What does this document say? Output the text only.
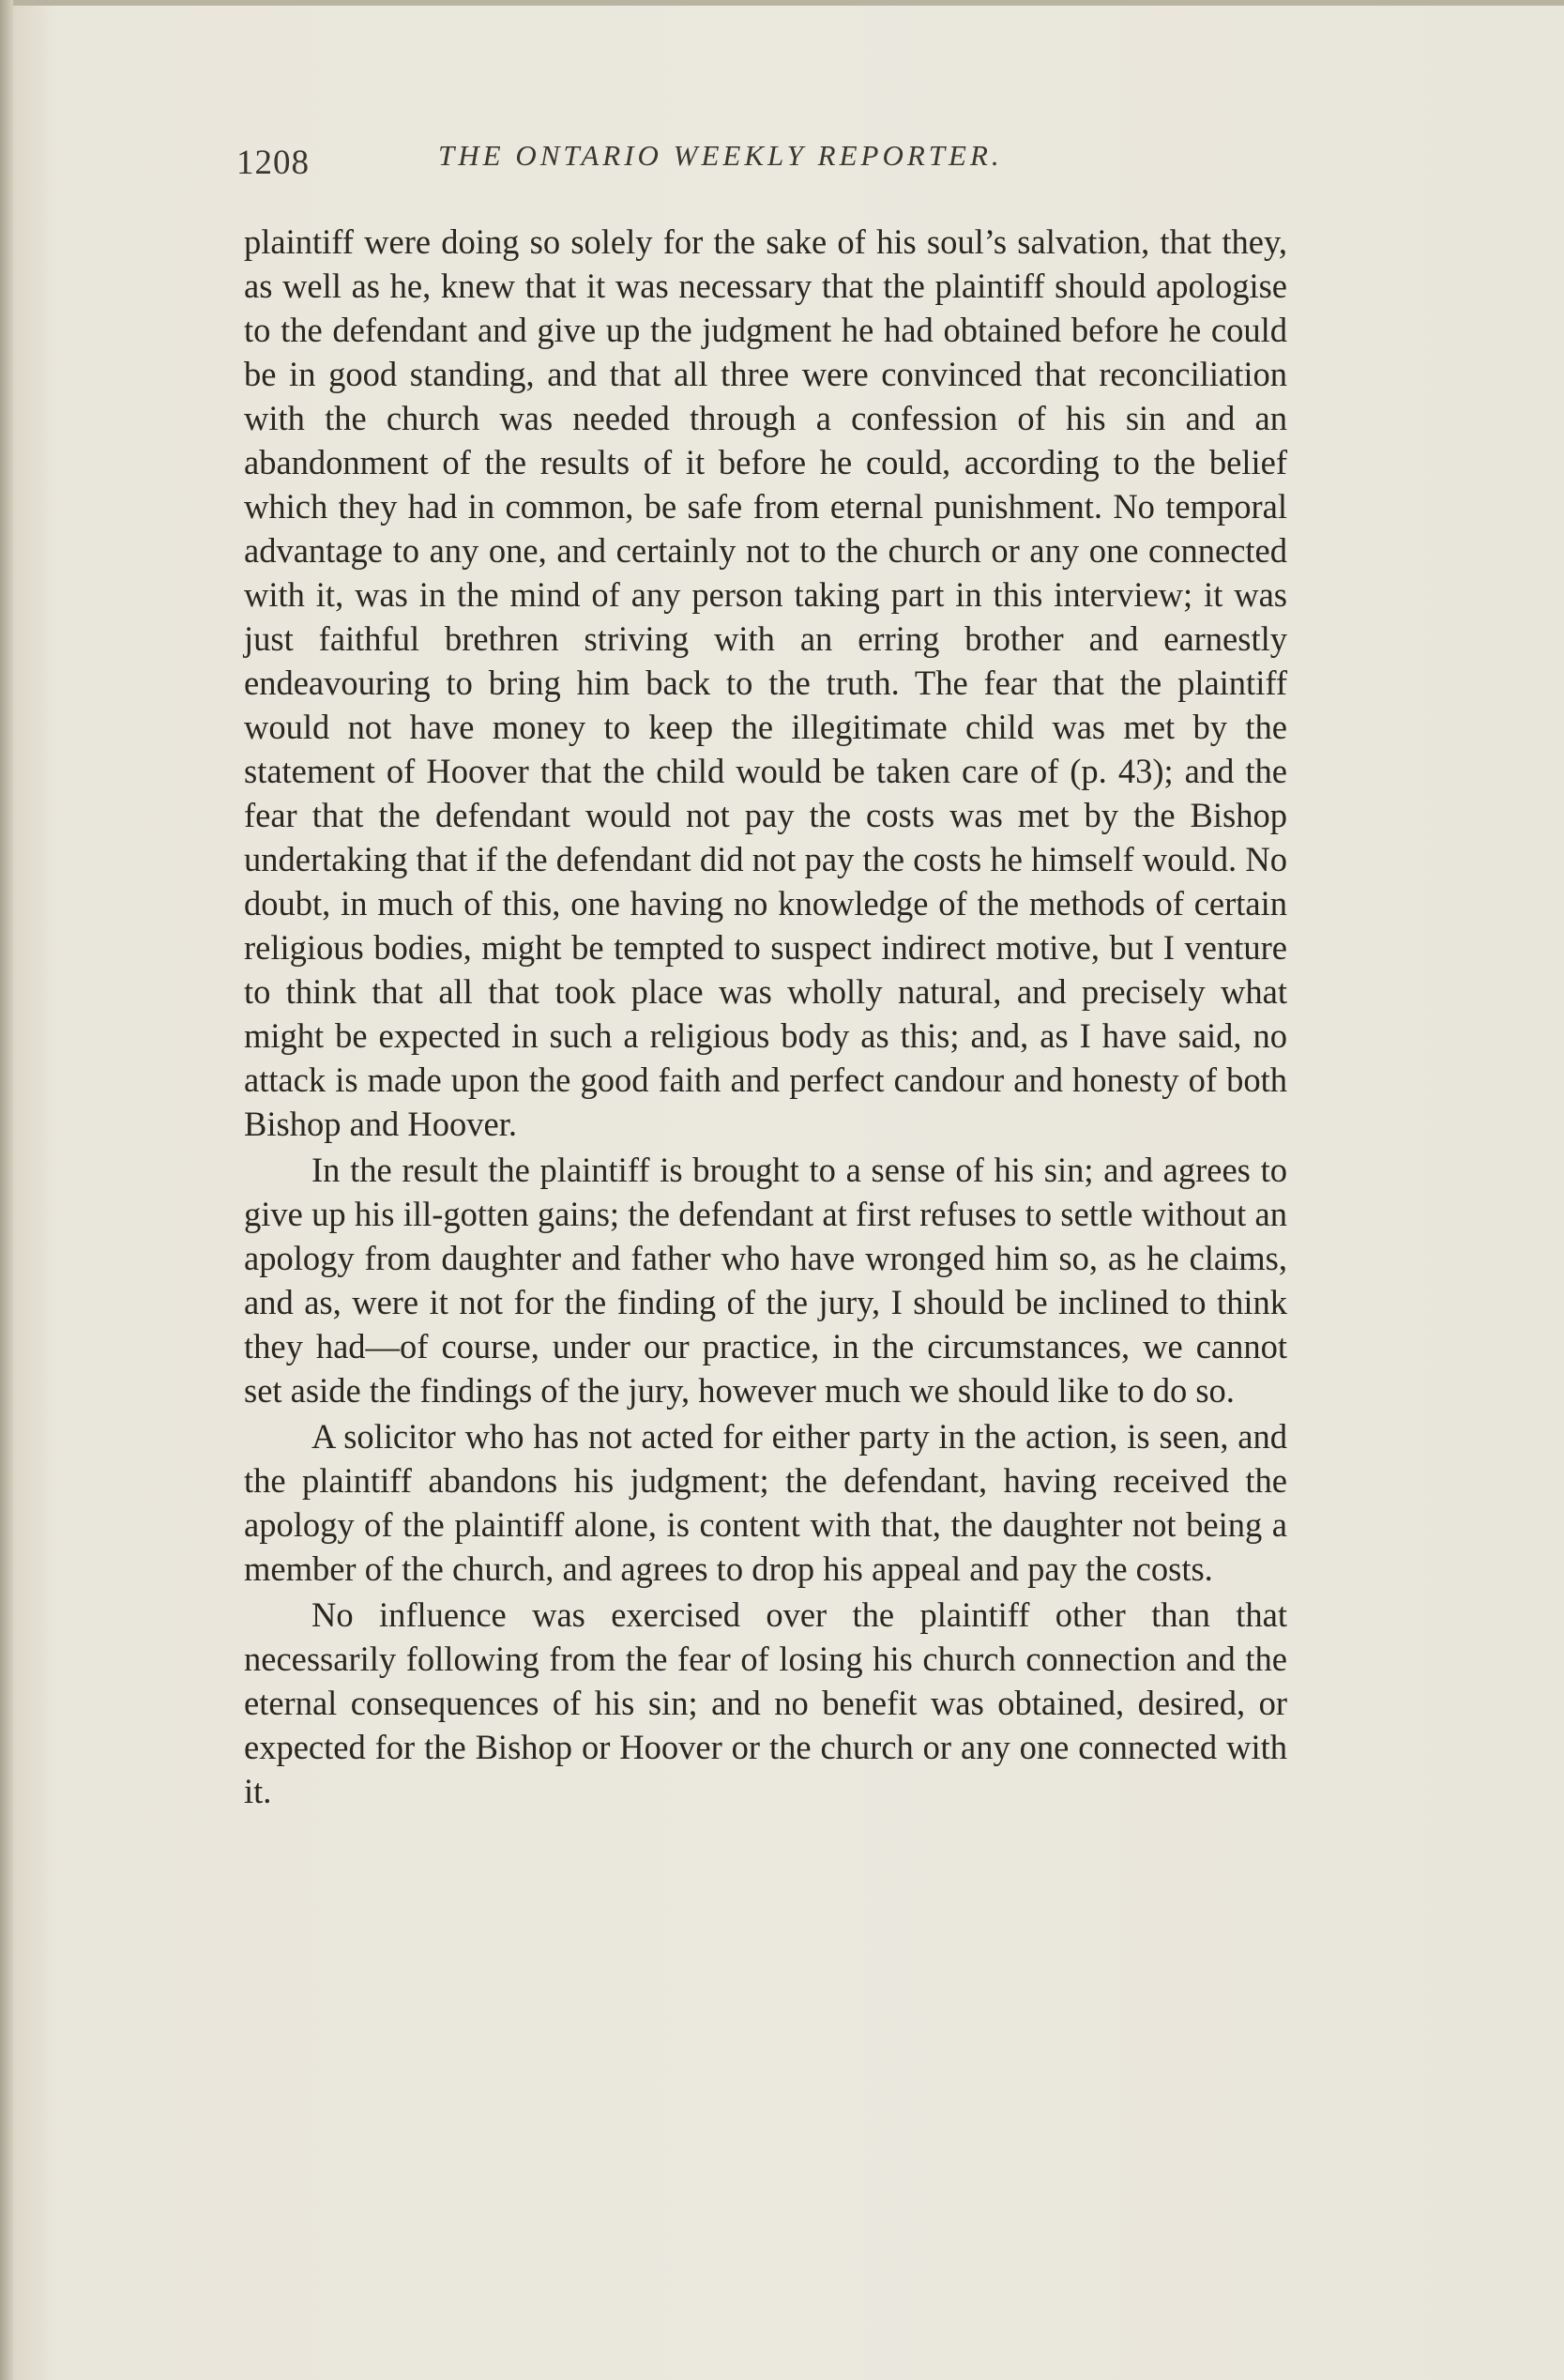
1208	THE ONTARIO WEEKLY REPORTER.

plaintiff were doing so solely for the sake of his soul’s salvation, that they, as well as he, knew that it was necessary that the plaintiff should apologise to the defendant and give up the judgment he had obtained before he could be in good standing, and that all three were convinced that reconciliation with the church was needed through a confession of his sin and an abandonment of the results of it before he could, according to the belief which they had in common, be safe from eternal punishment. No temporal advantage to any one, and certainly not to the church or any one connected with it, was in the mind of any person taking part in this interview; it was just faithful brethren striving with an erring brother and earnestly endeavouring to bring him back to the truth. The fear that the plaintiff would not have money to keep the illegitimate child was met by the statement of Hoover that the child would be taken care of (p. 43); and the fear that the defendant would not pay the costs was met by the Bishop undertaking that if the defendant did not pay the costs he himself would. No doubt, in much of this, one having no knowledge of the methods of certain religious bodies, might be tempted to suspect indirect motive, but I venture to think that all that took place was wholly natural, and precisely what might be expected in such a religious body as this; and, as I have said, no attack is made upon the good faith and perfect candour and honesty of both Bishop and Hoover.

In the result the plaintiff is brought to a sense of his sin; and agrees to give up his ill-gotten gains; the defendant at first refuses to settle without an apology from daughter and father who have wronged him so, as he claims, and as, were it not for the finding of the jury, I should be inclined to think they had—of course, under our practice, in the circumstances, we cannot set aside the findings of the jury, however much we should like to do so.

A solicitor who has not acted for either party in the action, is seen, and the plaintiff abandons his judgment; the defendant, having received the apology of the plaintiff alone, is content with that, the daughter not being a member of the church, and agrees to drop his appeal and pay the costs.

No influence was exercised over the plaintiff other than that necessarily following from the fear of losing his church connection and the eternal consequences of his sin; and no benefit was obtained, desired, or expected for the Bishop or Hoover or the church or any one connected with it.
